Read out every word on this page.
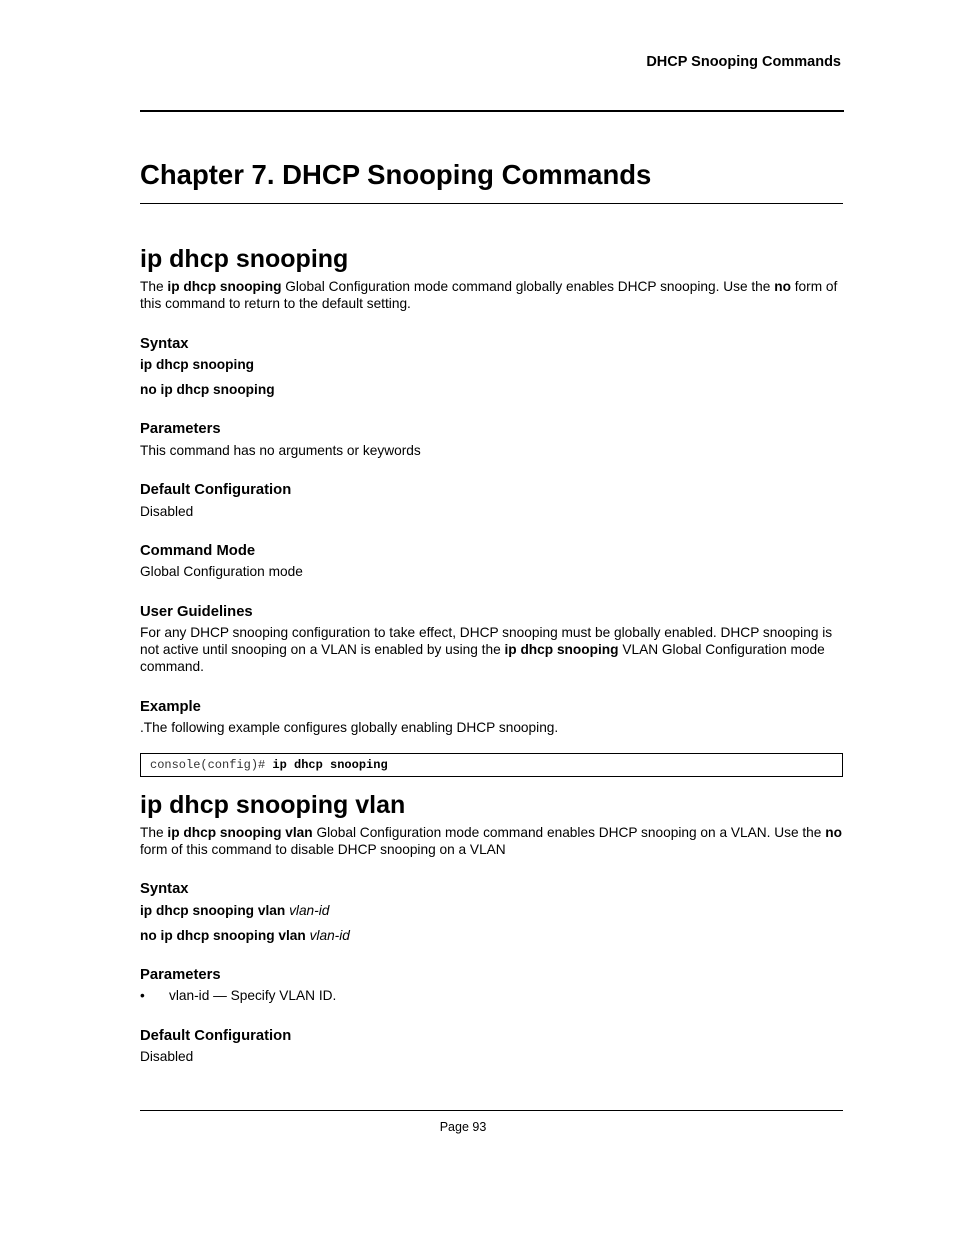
DHCP Snooping Commands
Chapter 7. DHCP Snooping Commands
ip dhcp snooping

The ip dhcp snooping Global Configuration mode command globally enables DHCP snooping. Use the no form of this command to return to the default setting.

Syntax

ip dhcp snooping

no ip dhcp snooping

Parameters

This command has no arguments or keywords

Default Configuration

Disabled

Command Mode

Global Configuration mode

User Guidelines

For any DHCP snooping configuration to take effect, DHCP snooping must be globally enabled. DHCP snooping is not active until snooping on a VLAN is enabled by using the ip dhcp snooping VLAN Global Configuration mode command.

Example

.The following example configures globally enabling DHCP snooping.

console(config)# ip dhcp snooping
ip dhcp snooping vlan

The ip dhcp snooping vlan Global Configuration mode command enables DHCP snooping on a VLAN. Use the no form of this command to disable DHCP snooping on a VLAN

Syntax

ip dhcp snooping vlan vlan-id

no ip dhcp snooping vlan vlan-id

Parameters

• vlan-id — Specify VLAN ID.

Default Configuration

Disabled

Page 93
